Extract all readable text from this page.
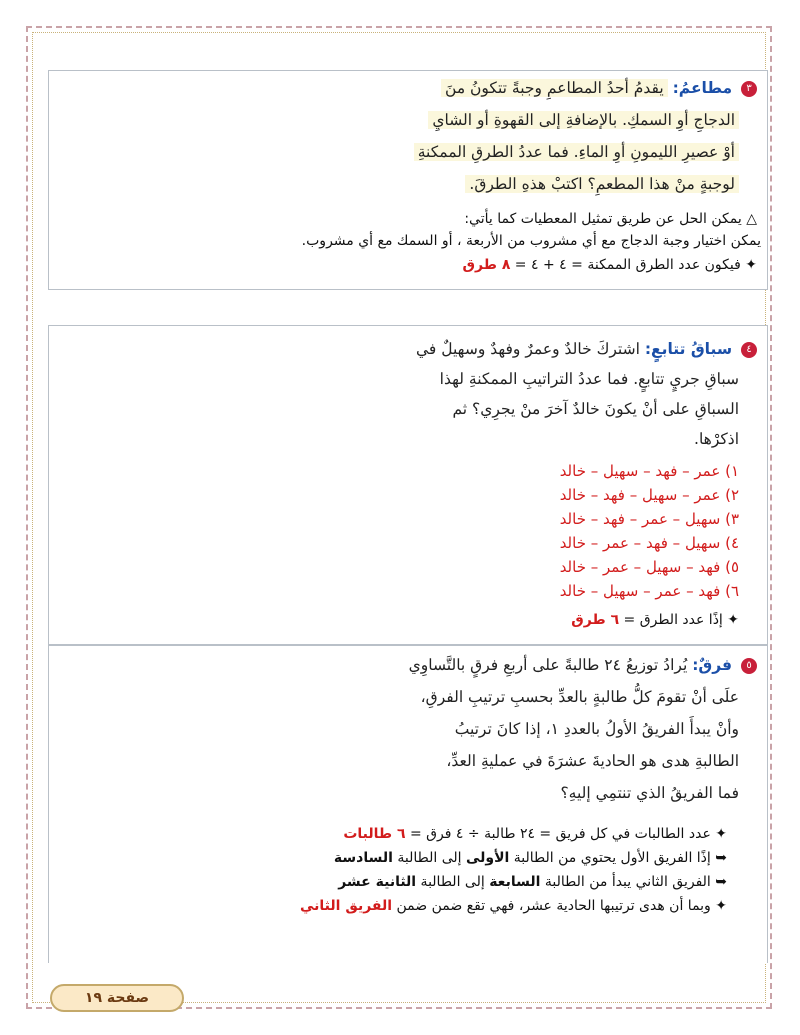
٣ مطاعمُ: يقدمُ أحدُ المطاعمِ وجبةً تتكونُ منَ
الدجاجِ أوِ السمكِ. بالإضافةِ إلى القهوةِ أو الشايِ
أوْ عصيرِ الليمونِ أوِ الماءِ. فما عددُ الطرقِ الممكنةِ
لوجبةٍ منْ هذا المطعمِ؟ اكتبْ هذهِ الطرقَ.
△ يمكن الحل عن طريق تمثيل المعطيات كما يأتي:
يمكن اختيار وجبة الدجاج مع أي مشروب من الأربعة ، أو السمك مع أي مشروب.
✦ فيكون عدد الطرق الممكنة = ٤ + ٤ = ٨ طرق
٤ سباقُ تتابعٍ: اشتركَ خالدٌ وعمرٌ وفهدٌ وسهيلٌ في
سباقِ جريٍ تتابعٍ. فما عددُ التراتيبِ الممكنةِ لهذا
السباقِ على أنْ يكونَ خالدٌ آخرَ منْ يجرِي؟ ثم
اذكرْها.
١) عمر – فهد – سهيل – خالد
٢) عمر – سهيل – فهد – خالد
٣) سهيل – عمر – فهد – خالد
٤) سهيل – فهد – عمر – خالد
٥) فهد – سهيل – عمر – خالد
٦) فهد – عمر – سهيل – خالد
✦ إذًا عدد الطرق = ٦ طرق
٥ فرقٌ: يُرادُ توزيعُ ٢٤ طالبةً على أربعِ فرقٍ بالتَّساوِي
علَى أنْ تقومَ كلُّ طالبةٍ بالعدِّ بحسبِ ترتيبِ الفرقِ،
وأنْ يبدأَ الفريقُ الأولُ بالعددِ ١، إذا كانَ ترتيبُ
الطالبةِ هدى هو الحاديةَ عشرَةَ في عمليةِ العدِّ،
فما الفريقُ الذي تنتمِي إليهِ؟
✦ عدد الطالبات في كل فريق = ٢٤ طالبة ÷ ٤ فرق = ٦ طالبات
➥ إذًا الفريق الأول يحتوي من الطالبة الأولى إلى الطالبة السادسة
➥ الفريق الثاني يبدأ من الطالبة السابعة إلى الطالبة الثانية عشر
✦ وبما أن هدى ترتيبها الحادية عشر، فهي تقع ضمن ضمن الفريق الثاني
صفحة ١٩
